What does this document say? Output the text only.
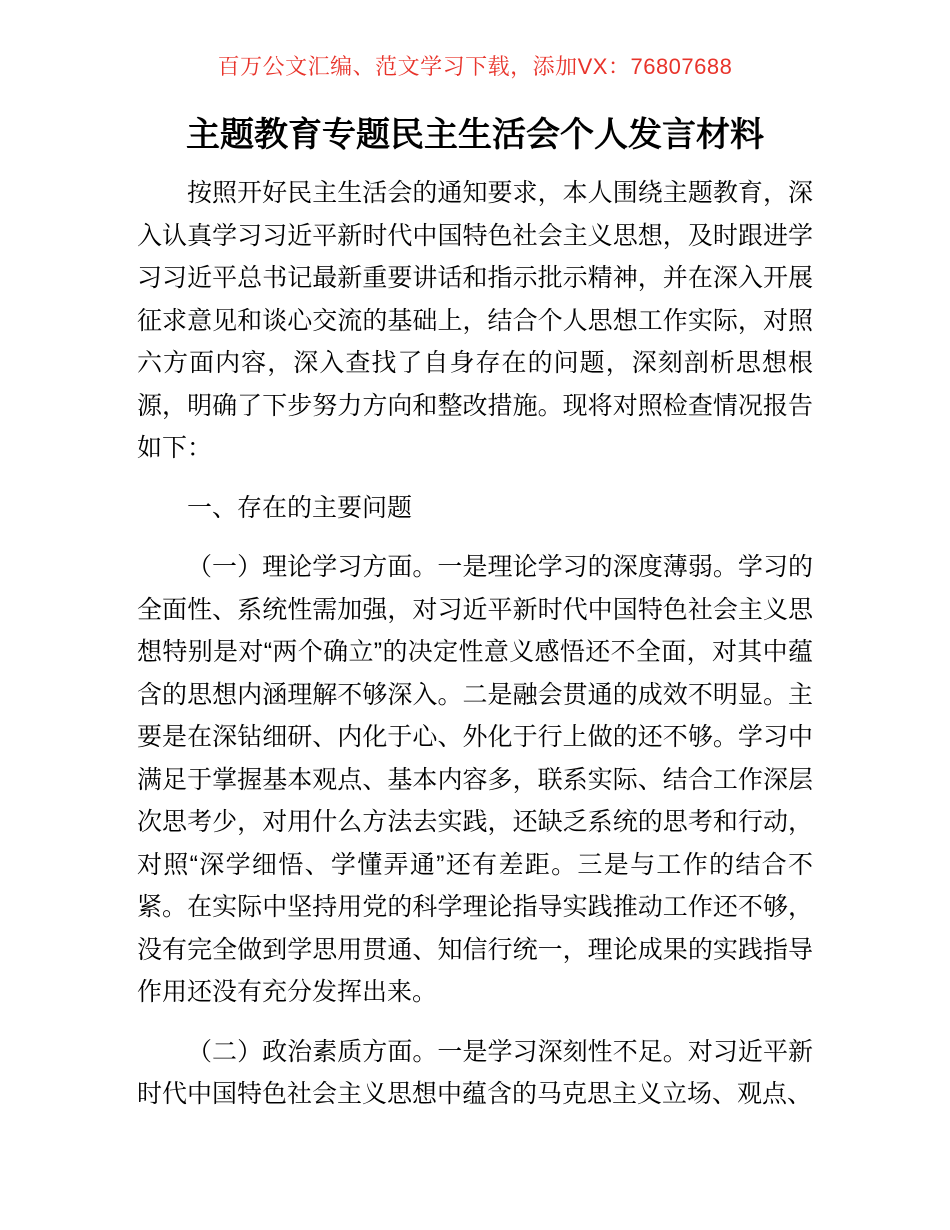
百万公文汇编、范文学习下载，添加VX：76807688
主题教育专题民主生活会个人发言材料

按照开好民主生活会的通知要求，本人围绕主题教育，深入认真学习习近平新时代中国特色社会主义思想，及时跟进学习习近平总书记最新重要讲话和指示批示精神，并在深入开展征求意见和谈心交流的基础上，结合个人思想工作实际，对照六方面内容，深入查找了自身存在的问题，深刻剖析思想根源，明确了下步努力方向和整改措施。现将对照检查情况报告如下：

一、存在的主要问题

（一）理论学习方面。一是理论学习的深度薄弱。学习的全面性、系统性需加强，对习近平新时代中国特色社会主义思想特别是对“两个确立”的决定性意义感悟还不全面，对其中蕴含的思想内涵理解不够深入。二是融会贯通的成效不明显。主要是在深钻细研、内化于心、外化于行上做的还不够。学习中满足于掌握基本观点、基本内容多，联系实际、结合工作深层次思考少，对用什么方法去实践，还缺乏系统的思考和行动，对照“深学细悟、学懂弄通”还有差距。三是与工作的结合不紧。在实际中坚持用党的科学理论指导实践推动工作还不够，没有完全做到学思用贯通、知信行统一，理论成果的实践指导作用还没有充分发挥出来。

（二）政治素质方面。一是学习深刻性不足。对习近平新时代中国特色社会主义思想中蕴含的马克思主义立场、观点、
